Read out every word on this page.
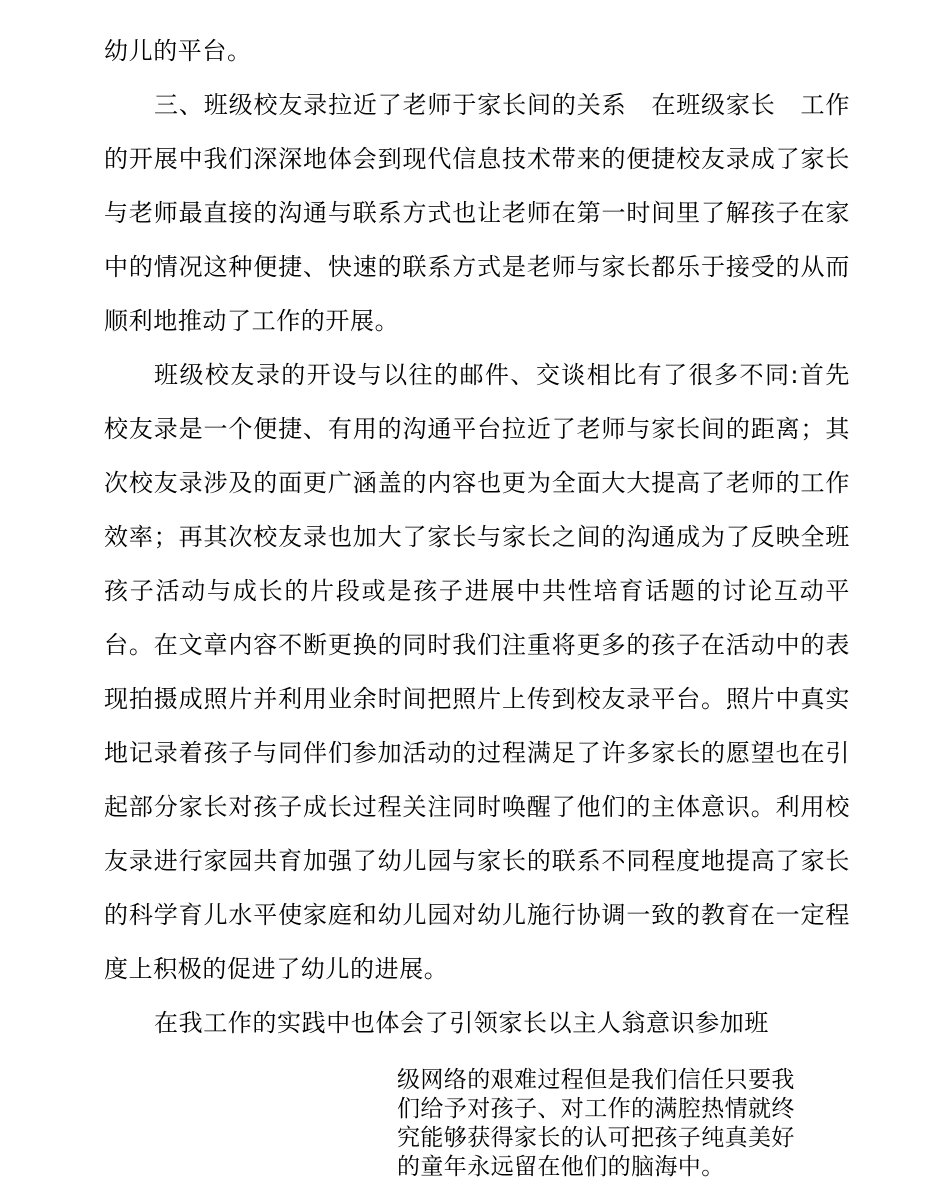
幼儿的平台。

三、班级校友录拉近了老师于家长间的关系　在班级家长　工作的开展中我们深深地体会到现代信息技术带来的便捷校友录成了家长与老师最直接的沟通与联系方式也让老师在第一时间里了解孩子在家中的情况这种便捷、快速的联系方式是老师与家长都乐于接受的从而顺利地推动了工作的开展。

班级校友录的开设与以往的邮件、交谈相比有了很多不同:首先校友录是一个便捷、有用的沟通平台拉近了老师与家长间的距离；其次校友录涉及的面更广涵盖的内容也更为全面大大提高了老师的工作效率；再其次校友录也加大了家长与家长之间的沟通成为了反映全班孩子活动与成长的片段或是孩子进展中共性培育话题的讨论互动平台。在文章内容不断更换的同时我们注重将更多的孩子在活动中的表现拍摄成照片并利用业余时间把照片上传到校友录平台。照片中真实地记录着孩子与同伴们参加活动的过程满足了许多家长的愿望也在引起部分家长对孩子成长过程关注同时唤醒了他们的主体意识。利用校友录进行家园共育加强了幼儿园与家长的联系不同程度地提高了家长的科学育儿水平使家庭和幼儿园对幼儿施行协调一致的教育在一定程度上积极的促进了幼儿的进展。

在我工作的实践中也体会了引领家长以主人翁意识参加班

级网络的艰难过程但是我们信任只要我

们给予对孩子、对工作的满腔热情就终

究能够获得家长的认可把孩子纯真美好

的童年永远留在他们的脑海中。
